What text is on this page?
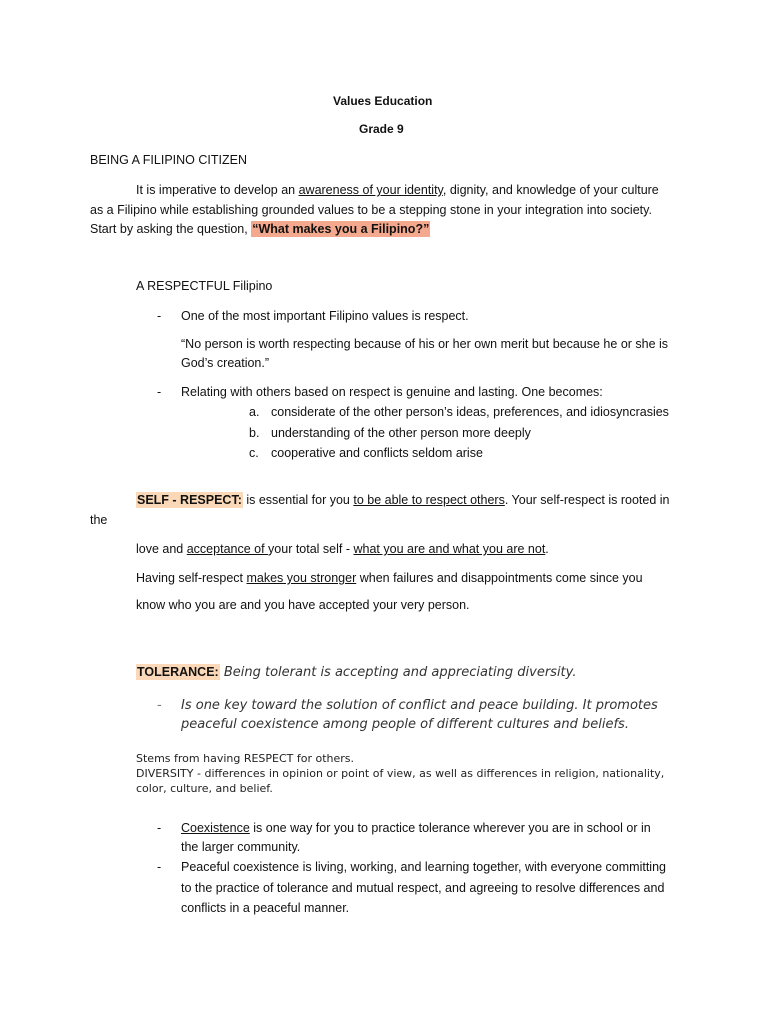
Values Education
Grade 9
BEING A FILIPINO CITIZEN
It is imperative to develop an awareness of your identity, dignity, and knowledge of your culture
as a Filipino while establishing grounded values to be a stepping stone in your integration into society.
Start by asking the question, “What makes you a Filipino?”
A RESPECTFUL Filipino
- One of the most important Filipino values is respect.
“No person is worth respecting because of his or her own merit but because he or she is
God’s creation.”
- Relating with others based on respect is genuine and lasting. One becomes:
a. considerate of the other person’s ideas, preferences, and idiosyncrasies
b. understanding of the other person more deeply
c. cooperative and conflicts seldom arise
SELF - RESPECT: is essential for you to be able to respect others. Your self-respect is rooted in
the
love and acceptance of your total self - what you are and what you are not.
Having self-respect makes you stronger when failures and disappointments come since you
know who you are and you have accepted your very person.
TOLERANCE: Being tolerant is accepting and appreciating diversity.
- Is one key toward the solution of conflict and peace building. It promotes
peaceful coexistence among people of different cultures and beliefs.
Stems from having RESPECT for others.
DIVERSITY - differences in opinion or point of view, as well as differences in religion, nationality,
color, culture, and belief.
- Coexistence is one way for you to practice tolerance wherever you are in school or in
the larger community.
- Peaceful coexistence is living, working, and learning together, with everyone committing
to the practice of tolerance and mutual respect, and agreeing to resolve differences and
conflicts in a peaceful manner.
